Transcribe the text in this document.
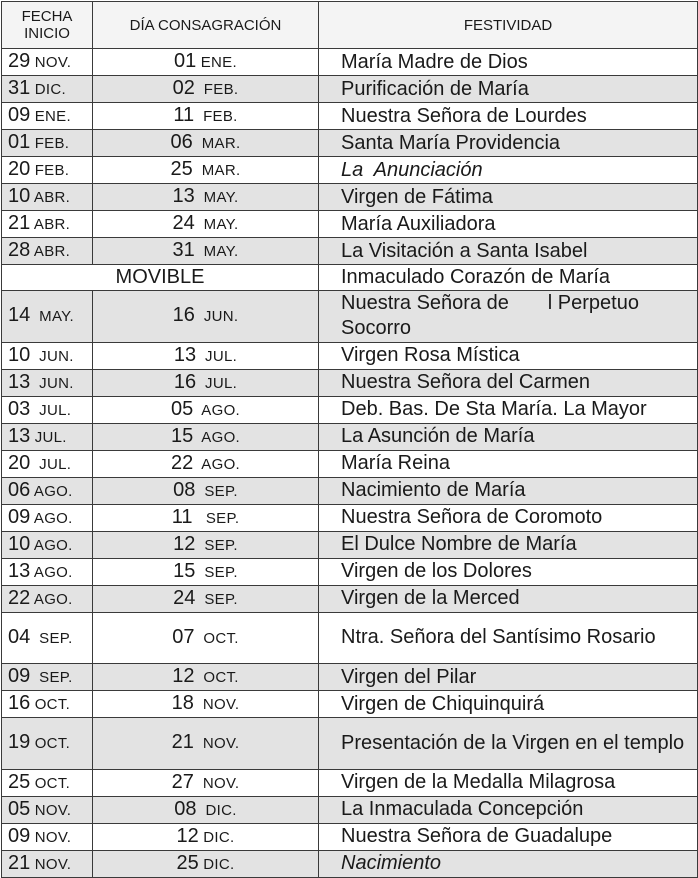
FECHA
INICIO	DÍA CONSAGRACIÓN	FESTIVIDAD
29 NOV.	01 ENE.	María Madre de Dios
31 DIC.	02  FEB.	Purificación de María
09 ENE.	11  FEB.	Nuestra Señora de Lourdes
01 FEB.	06  MAR.	Santa María Providencia
20 FEB.	25  MAR.	La  Anunciación
10 ABR.	13  MAY.	Virgen de Fátima
21 ABR.	24  MAY.	María Auxiliadora
28 ABR.	31  MAY.	La Visitación a Santa Isabel
MOVIBLE		Inmaculado Corazón de María
14  MAY.	16  JUN.	Nuestra Señora de       l Perpetuo Socorro
10  JUN.	13  JUL.	Virgen Rosa Mística
13  JUN.	16  JUL.	Nuestra Señora del Carmen
03  JUL.	05  AGO.	Deb. Bas. De Sta María. La Mayor
13 JUL.	15  AGO.	La Asunción de María
20  JUL.	22  AGO.	María Reina
06 AGO.	08  SEP.	Nacimiento de María
09 AGO.	11   SEP.	Nuestra Señora de Coromoto
10 AGO.	12  SEP.	El Dulce Nombre de María
13 AGO.	15  SEP.	Virgen de los Dolores
22 AGO.	24  SEP.	Virgen de la Merced
04  SEP.	07  OCT.	Ntra. Señora del Santísimo Rosario
09  SEP.	12  OCT.	Virgen del Pilar
16 OCT.	18  NOV.	Virgen de Chiquinquirá
19 OCT.	21  NOV.	Presentación de la Virgen en el templo
25 OCT.	27  NOV.	Virgen de la Medalla Milagrosa
05 NOV.	08  DIC.	La Inmaculada Concepción
09 NOV.	12 DIC.	Nuestra Señora de Guadalupe
21 NOV.	25 DIC.	Nacimiento
